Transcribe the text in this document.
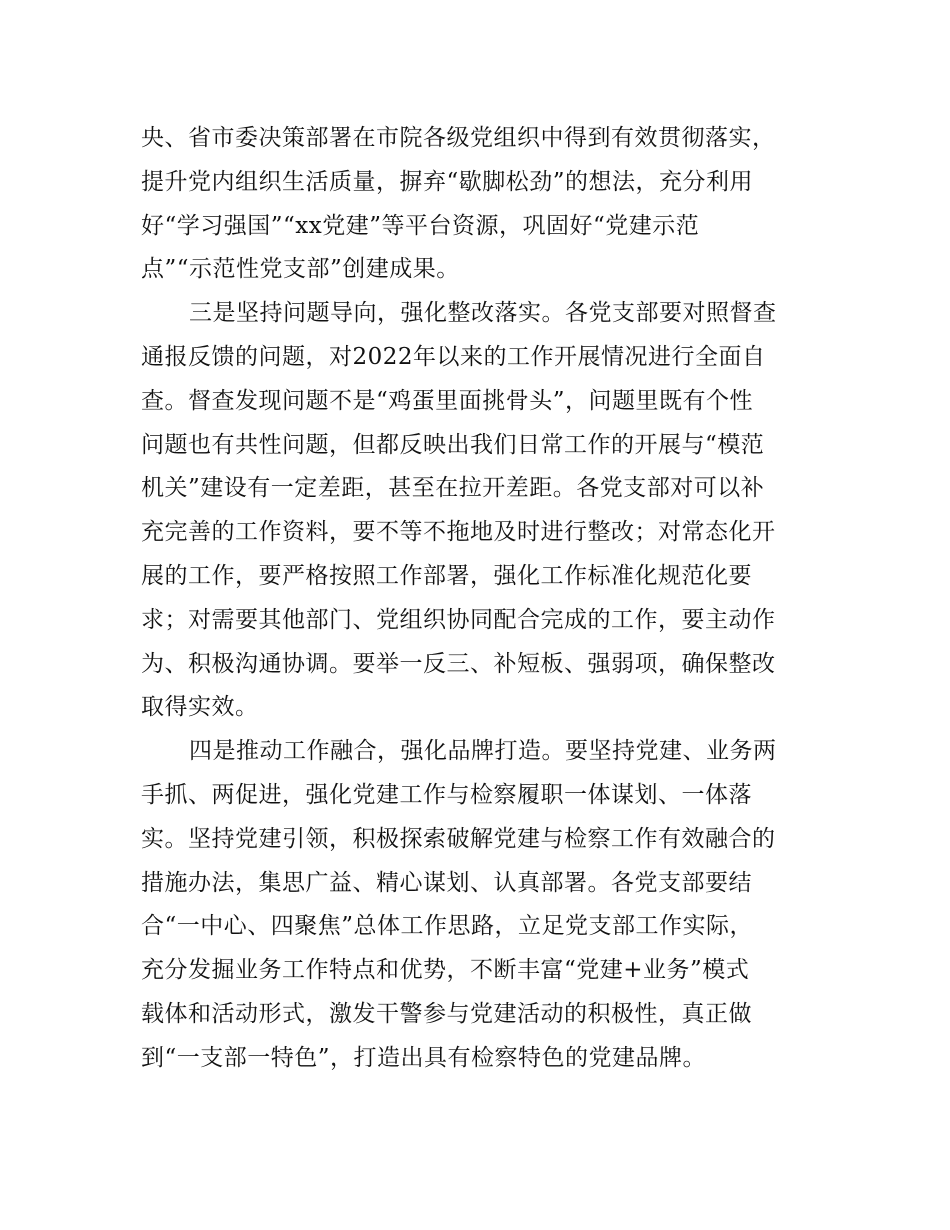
央、省市委决策部署在市院各级党组织中得到有效贯彻落实，
提升党内组织生活质量，摒弃“歇脚松劲”的想法，充分利用
好“学习强国”“xx党建”等平台资源，巩固好“党建示范
点”“示范性党支部”创建成果。
三是坚持问题导向，强化整改落实。各党支部要对照督查
通报反馈的问题，对2022年以来的工作开展情况进行全面自
查。督查发现问题不是“鸡蛋里面挑骨头”，问题里既有个性
问题也有共性问题，但都反映出我们日常工作的开展与“模范
机关”建设有一定差距，甚至在拉开差距。各党支部对可以补
充完善的工作资料，要不等不拖地及时进行整改；对常态化开
展的工作，要严格按照工作部署，强化工作标准化规范化要
求；对需要其他部门、党组织协同配合完成的工作，要主动作
为、积极沟通协调。要举一反三、补短板、强弱项，确保整改
取得实效。
四是推动工作融合，强化品牌打造。要坚持党建、业务两
手抓、两促进，强化党建工作与检察履职一体谋划、一体落
实。坚持党建引领，积极探索破解党建与检察工作有效融合的
措施办法，集思广益、精心谋划、认真部署。各党支部要结
合“一中心、四聚焦”总体工作思路，立足党支部工作实际，
充分发掘业务工作特点和优势，不断丰富“党建+业务”模式
载体和活动形式，激发干警参与党建活动的积极性，真正做
到“一支部一特色”，打造出具有检察特色的党建品牌。
